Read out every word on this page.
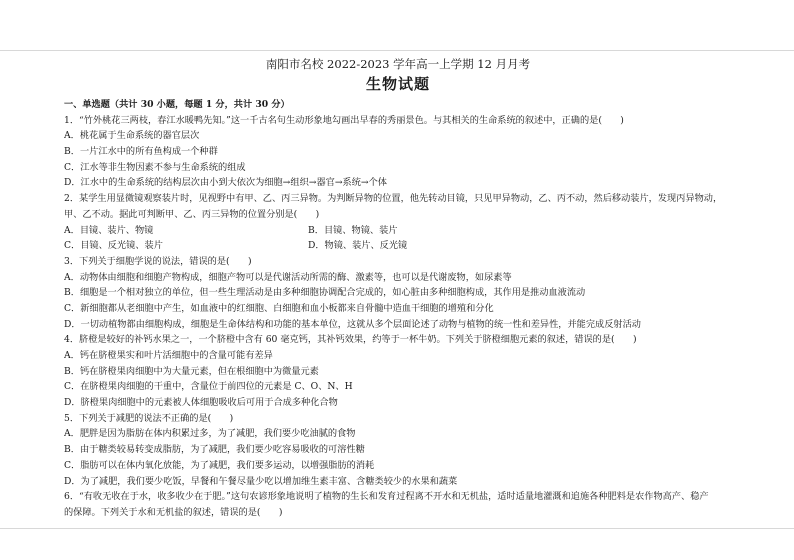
南阳市名校 2022-2023 学年高一上学期 12 月月考
生物试题
一、单选题（共计 30 小题，每题 1 分，共计 30 分）
1．“竹外桃花三两枝，春江水暖鸭先知。”这一千古名句生动形象地勾画出早春的秀丽景色。与其相关的生命系统的叙述中，正确的是(　　)
A．桃花属于生命系统的器官层次
B．一片江水中的所有鱼构成一个种群
C．江水等非生物因素不参与生命系统的组成
D．江水中的生命系统的结构层次由小到大依次为细胞→组织→器官→系统→个体
2．某学生用显微镜观察装片时，见视野中有甲、乙、丙三异物。为判断异物的位置，他先转动目镜，只见甲异物动，乙、丙不动，然后移动装片，发现丙异物动，
甲、乙不动。据此可判断甲、乙、丙三异物的位置分别是(　　)
A．目镜、装片、物镜	B．目镜、物镜、装片
C．目镜、反光镜、装片	D．物镜、装片、反光镜
3．下列关于细胞学说的说法，错误的是(　　)
A．动物体由细胞和细胞产物构成，细胞产物可以是代谢活动所需的酶、激素等，也可以是代谢废物，如尿素等
B．细胞是一个相对独立的单位，但一些生理活动是由多种细胞协调配合完成的，如心脏由多种细胞构成，其作用是推动血液流动
C．新细胞都从老细胞中产生，如血液中的红细胞、白细胞和血小板都来自骨髓中造血干细胞的增殖和分化
D．一切动植物都由细胞构成，细胞是生命体结构和功能的基本单位，这就从多个层面论述了动物与植物的统一性和差异性，并能完成反射活动
4．脐橙是较好的补钙水果之一，一个脐橙中含有 60 毫克钙，其补钙效果，约等于一杯牛奶。下列关于脐橙细胞元素的叙述，错误的是(　　)
A．钙在脐橙果实和叶片活细胞中的含量可能有差异
B．钙在脐橙果肉细胞中为大量元素，但在根细胞中为微量元素
C．在脐橙果肉细胞的干重中，含量位于前四位的元素是 C、O、N、H
D．脐橙果肉细胞中的元素被人体细胞吸收后可用于合成多种化合物
5．下列关于减肥的说法不正确的是(　　)
A．肥胖是因为脂肪在体内积累过多，为了减肥，我们要少吃油腻的食物
B．由于糖类较易转变成脂肪，为了减肥，我们要少吃容易吸收的可溶性糖
C．脂肪可以在体内氧化放能，为了减肥，我们要多运动，以增强脂肪的消耗
D．为了减肥，我们要少吃饭，早餐和午餐尽量少吃以增加维生素丰富、含糖类较少的水果和蔬菜
6．“有收无收在于水，收多收少在于肥。”这句农谚形象地说明了植物的生长和发育过程离不开水和无机盐，适时适量地灌溉和追施各种肥料是农作物高产、稳产
的保障。下列关于水和无机盐的叙述，错误的是(　　)
